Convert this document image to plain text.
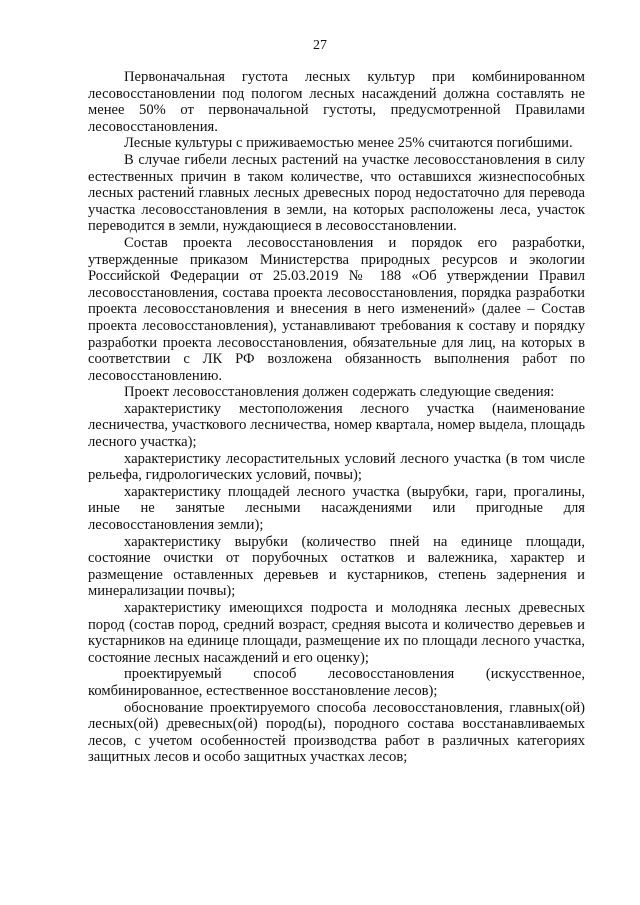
27

Первоначальная густота лесных культур при комбинированном лесовосстановлении под пологом лесных насаждений должна составлять не менее 50% от первоначальной густоты, предусмотренной Правилами лесовосстановления.

Лесные культуры с приживаемостью менее 25% считаются погибшими.

В случае гибели лесных растений на участке лесовосстановления в силу естественных причин в таком количестве, что оставшихся жизнеспособных лесных растений главных лесных древесных пород недостаточно для перевода участка лесовосстановления в земли, на которых расположены леса, участок переводится в земли, нуждающиеся в лесовосстановлении.

Состав проекта лесовосстановления и порядок его разработки, утвержденные приказом Министерства природных ресурсов и экологии Российской Федерации от 25.03.2019 № 188 «Об утверждении Правил лесовосстановления, состава проекта лесовосстановления, порядка разработки проекта лесовосстановления и внесения в него изменений» (далее – Состав проекта лесовосстановления), устанавливают требования к составу и порядку разработки проекта лесовосстановления, обязательные для лиц, на которых в соответствии с ЛК РФ возложена обязанность выполнения работ по лесовосстановлению.

Проект лесовосстановления должен содержать следующие сведения:

характеристику местоположения лесного участка (наименование лесничества, участкового лесничества, номер квартала, номер выдела, площадь лесного участка);

характеристику лесорастительных условий лесного участка (в том числе рельефа, гидрологических условий, почвы);

характеристику площадей лесного участка (вырубки, гари, прогалины, иные не занятые лесными насаждениями или пригодные для лесовосстановления земли);

характеристику вырубки (количество пней на единице площади, состояние очистки от порубочных остатков и валежника, характер и размещение оставленных деревьев и кустарников, степень задернения и минерализации почвы);

характеристику имеющихся подроста и молодняка лесных древесных пород (состав пород, средний возраст, средняя высота и количество деревьев и кустарников на единице площади, размещение их по площади лесного участка, состояние лесных насаждений и его оценку);

проектируемый способ лесовосстановления (искусственное, комбинированное, естественное восстановление лесов);

обоснование проектируемого способа лесовосстановления, главных(ой) лесных(ой) древесных(ой) пород(ы), породного состава восстанавливаемых лесов, с учетом особенностей производства работ в различных категориях защитных лесов и особо защитных участках лесов;
